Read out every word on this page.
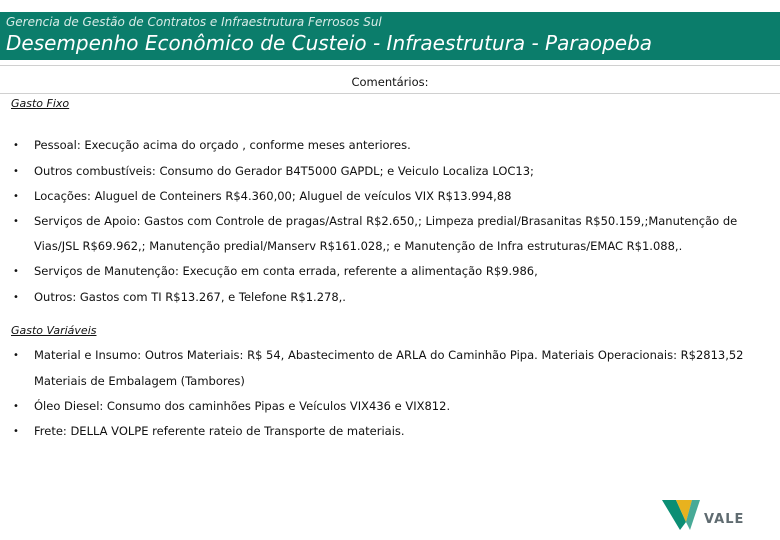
Gerencia de Gestão de Contratos e Infraestrutura Ferrosos Sul
Desempenho Econômico de Custeio - Infraestrutura - Paraopeba
Comentários:
Gasto Fixo
• Pessoal: Execução acima do orçado , conforme meses anteriores.
• Outros combustíveis: Consumo do Gerador B4T5000 GAPDL; e Veiculo Localiza LOC13;
• Locações: Aluguel de Conteiners R$4.360,00; Aluguel de veículos VIX R$13.994,88
• Serviços de Apoio: Gastos com Controle de pragas/Astral R$2.650,; Limpeza predial/Brasanitas R$50.159,;Manutenção de
Vias/JSL R$69.962,; Manutenção predial/Manserv R$161.028,; e Manutenção de Infra estruturas/EMAC R$1.088,.
• Serviços de Manutenção: Execução em conta errada, referente a alimentação R$9.986,
• Outros: Gastos com TI R$13.267, e Telefone R$1.278,.
Gasto Variáveis
• Material e Insumo: Outros Materiais: R$ 54, Abastecimento de ARLA do Caminhão Pipa. Materiais Operacionais: R$2813,52
Materiais de Embalagem (Tambores)
• Óleo Diesel: Consumo dos caminhões Pipas e Veículos VIX436 e VIX812.
• Frete: DELLA VOLPE referente rateio de Transporte de materiais.
VALE
